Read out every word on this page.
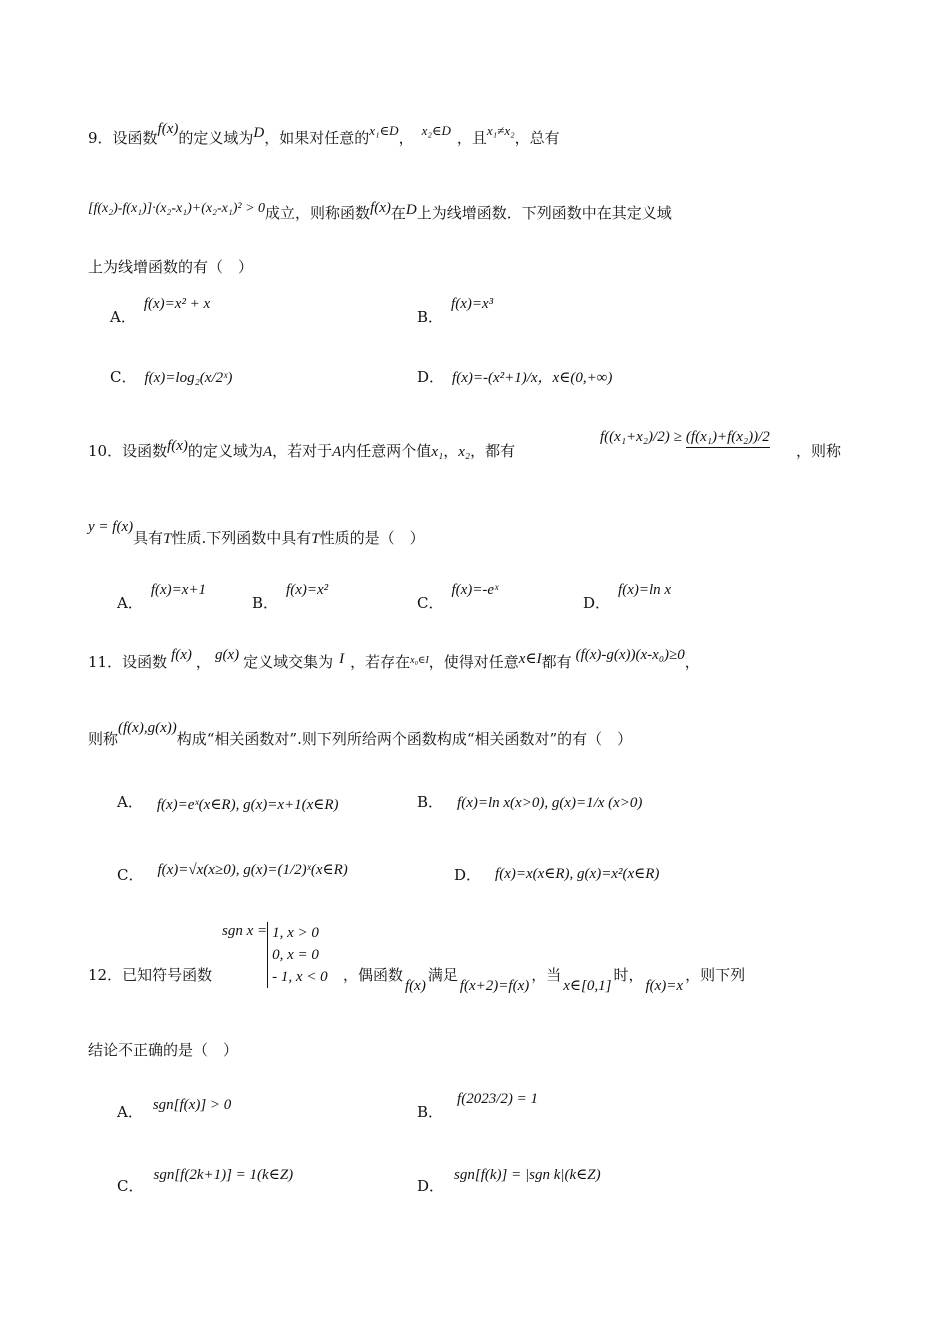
9．设函数f(x)的定义域为D，如果对任意的x₁∈D， x₂∈D ，且x₁≠x₂，总有
[f(x₂)-f(x₁)]·(x₂-x₁)+(x₂-x₁)² > 0成立，则称函数f(x)在D上为线增函数．下列函数中在其定义域
上为线增函数的有（　）
A．f(x)=x² + x
B．f(x)=x³
C． f(x)=log₂(x/2ˣ)	D． f(x)=-(x²+1)/x，x∈(0,+∞)
10．设函数f(x)的定义域为A，若对于A内任意两个值x₁，x₂，都有
f((x₁+x₂)/2) ≥ (f(x₁)+f(x₂))/2
，则称
y = f(x)具有T性质.下列函数中具有T性质的是（　）
A．f(x)=x+1
B．f(x)=x²
C．f(x)=-eˣ
D．f(x)=ln x
11．设函数 f(x) ， g(x) 定义域交集为 I ，若存在$^{x_0\in I}$，使得对任意x∈I都有 (f(x)-g(x))(x-x₀)≥0，
则称(f(x),g(x))构成“相关函数对”.则下列所给两个函数构成“相关函数对”的有（　）
A． f(x)=eˣ(x∈R), g(x)=x+1(x∈R)	B． f(x)=ln x(x>0), g(x)=1/x (x>0)
C． f(x)=√x(x≥0), g(x)=(1/2)ˣ(x∈R)	D． f(x)=x(x∈R), g(x)=x²(x∈R)
12．已知符号函数
sgn x = 1, x > 0
0, x = 0
- 1, x < 0 ，偶函数f(x)满足f(x+2)=f(x)，当x∈[0,1]时，f(x)=x，则下列
结论不正确的是（　）
A． sgn[f(x)] > 0	B．f(2023/2) = 1
C．sgn[f(2k+1)] = 1(k∈Z)
D．sgn[f(k)] = |sgn k|(k∈Z)
